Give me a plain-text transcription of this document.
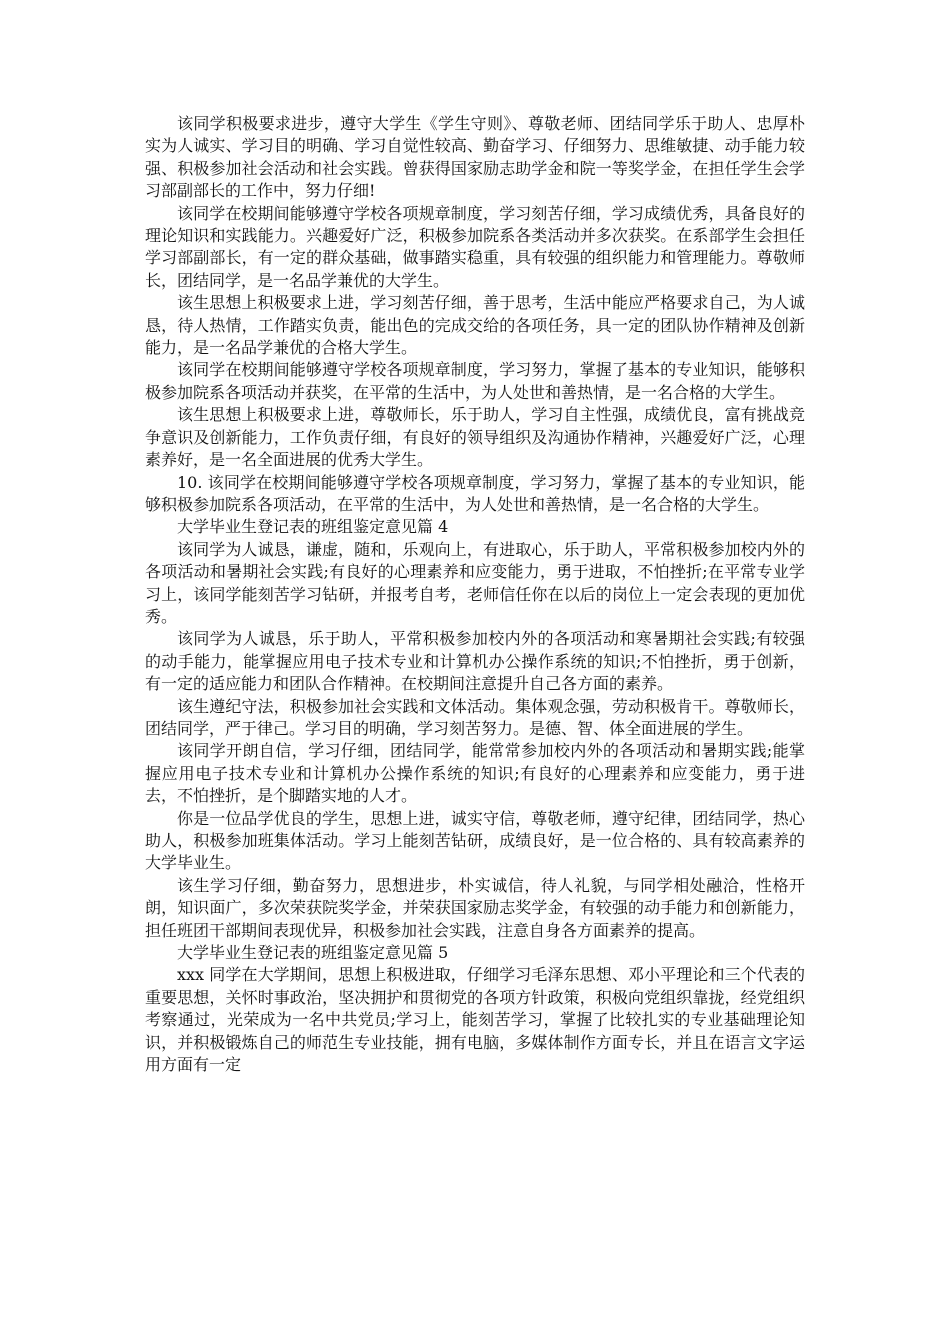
该同学积极要求进步，遵守大学生《学生守则》、尊敬老师、团结同学乐于助人、忠厚朴实为人诚实、学习目的明确、学习自觉性较高、勤奋学习、仔细努力、思维敏捷、动手能力较强、积极参加社会活动和社会实践。曾获得国家励志助学金和院一等奖学金，在担任学生会学习部副部长的工作中，努力仔细!

该同学在校期间能够遵守学校各项规章制度，学习刻苦仔细，学习成绩优秀，具备良好的理论知识和实践能力。兴趣爱好广泛，积极参加院系各类活动并多次获奖。在系部学生会担任学习部副部长，有一定的群众基础，做事踏实稳重，具有较强的组织能力和管理能力。尊敬师长，团结同学，是一名品学兼优的大学生。

该生思想上积极要求上进，学习刻苦仔细，善于思考，生活中能应严格要求自己，为人诚恳，待人热情，工作踏实负责，能出色的完成交给的各项任务，具一定的团队协作精神及创新能力，是一名品学兼优的合格大学生。

该同学在校期间能够遵守学校各项规章制度，学习努力，掌握了基本的专业知识，能够积极参加院系各项活动并获奖，在平常的生活中，为人处世和善热情，是一名合格的大学生。

该生思想上积极要求上进，尊敬师长，乐于助人，学习自主性强，成绩优良，富有挑战竞争意识及创新能力，工作负责仔细，有良好的领导组织及沟通协作精神，兴趣爱好广泛，心理素养好，是一名全面进展的优秀大学生。

10. 该同学在校期间能够遵守学校各项规章制度，学习努力，掌握了基本的专业知识，能够积极参加院系各项活动，在平常的生活中，为人处世和善热情，是一名合格的大学生。

大学毕业生登记表的班组鉴定意见篇 4

该同学为人诚恳，谦虚，随和，乐观向上，有进取心，乐于助人，平常积极参加校内外的各项活动和暑期社会实践;有良好的心理素养和应变能力，勇于进取，不怕挫折;在平常专业学习上，该同学能刻苦学习钻研，并报考自考，老师信任你在以后的岗位上一定会表现的更加优秀。

该同学为人诚恳，乐于助人，平常积极参加校内外的各项活动和寒暑期社会实践;有较强的动手能力，能掌握应用电子技术专业和计算机办公操作系统的知识;不怕挫折，勇于创新，有一定的适应能力和团队合作精神。在校期间注意提升自己各方面的素养。

该生遵纪守法，积极参加社会实践和文体活动。集体观念强，劳动积极肯干。尊敬师长，团结同学，严于律己。学习目的明确，学习刻苦努力。是德、智、体全面进展的学生。

该同学开朗自信，学习仔细，团结同学，能常常参加校内外的各项活动和暑期实践;能掌握应用电子技术专业和计算机办公操作系统的知识;有良好的心理素养和应变能力，勇于进去，不怕挫折，是个脚踏实地的人才。

你是一位品学优良的学生，思想上进，诚实守信，尊敬老师，遵守纪律，团结同学，热心助人，积极参加班集体活动。学习上能刻苦钻研，成绩良好，是一位合格的、具有较高素养的大学毕业生。

该生学习仔细，勤奋努力，思想进步，朴实诚信，待人礼貌，与同学相处融洽，性格开朗，知识面广，多次荣获院奖学金，并荣获国家励志奖学金，有较强的动手能力和创新能力，担任班团干部期间表现优异，积极参加社会实践，注意自身各方面素养的提高。

大学毕业生登记表的班组鉴定意见篇 5

xxx 同学在大学期间，思想上积极进取，仔细学习毛泽东思想、邓小平理论和三个代表的重要思想，关怀时事政治，坚决拥护和贯彻党的各项方针政策，积极向党组织靠拢，经党组织考察通过，光荣成为一名中共党员;学习上，能刻苦学习，掌握了比较扎实的专业基础理论知识，并积极锻炼自己的师范生专业技能，拥有电脑，多媒体制作方面专长，并且在语言文字运用方面有一定
